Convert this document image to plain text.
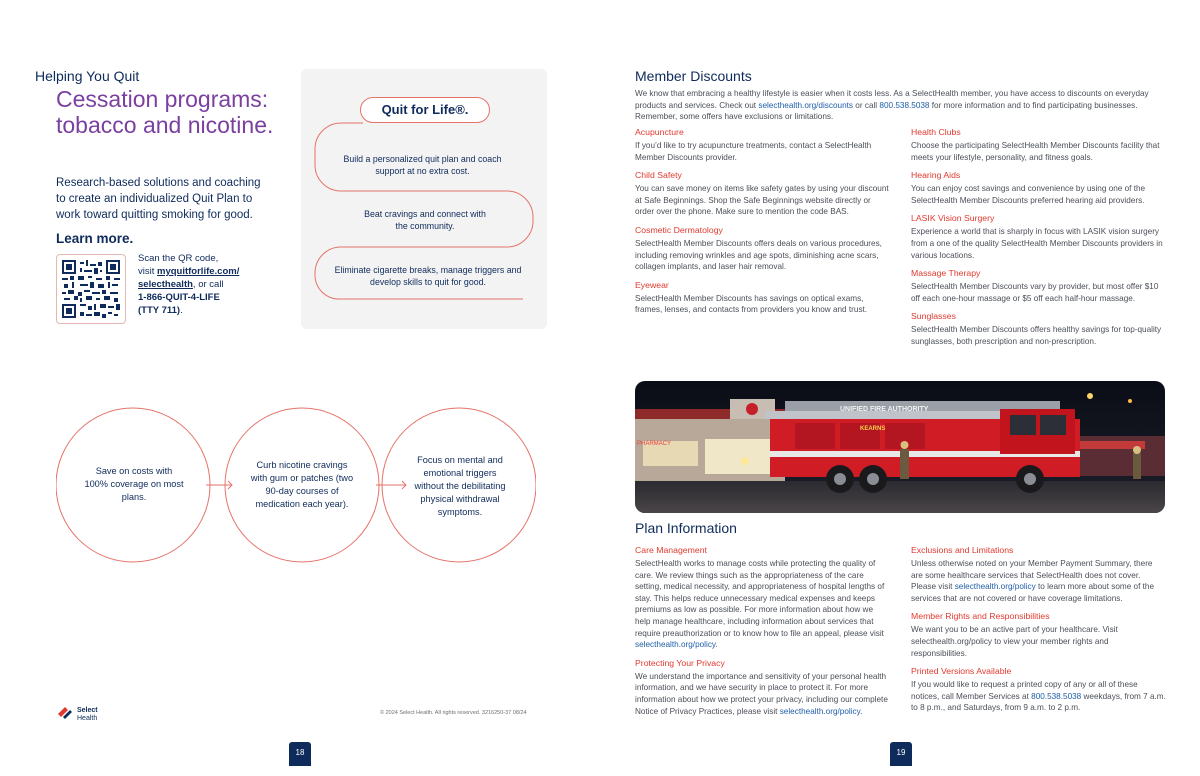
Helping You Quit
Cessation programs: tobacco and nicotine.
Research-based solutions and coaching to create an individualized Quit Plan to work toward quitting smoking for good.
Learn more.
Scan the QR code,
visit myquitforlife.com/
selecthealth, or call
1-866-QUIT-4-LIFE
(TTY 711).
Quit for Life®.
Build a personalized quit plan and coach support at no extra cost.
Beat cravings and connect with the community.
Eliminate cigarette breaks, manage triggers and develop skills to quit for good.
Save on costs with 100% coverage on most plans.
Curb nicotine cravings with gum or patches (two 90-day courses of medication each year).
Focus on mental and emotional triggers without the debilitating physical withdrawal symptoms.
Select
Health
© 2024 Select Health. All rights reserved. 3216250-37 08/24
18
Member Discounts
We know that embracing a healthy lifestyle is easier when it costs less. As a SelectHealth member, you have access to discounts on everyday products and services. Check out selecthealth.org/discounts or call 800.538.5038 for more information and to find participating businesses. Remember, some offers have exclusions or limitations.
Acupuncture
If you’d like to try acupuncture treatments, contact a SelectHealth Member Discounts provider.
Child Safety
You can save money on items like safety gates by using your discount at Safe Beginnings. Shop the Safe Beginnings website directly or order over the phone. Make sure to mention the code BAS.
Cosmetic Dermatology
SelectHealth Member Discounts offers deals on various procedures, including removing wrinkles and age spots, diminishing acne scars, collagen implants, and laser hair removal.
Eyewear
SelectHealth Member Discounts has savings on optical exams, frames, lenses, and contacts from providers you know and trust.
Health Clubs
Choose the participating SelectHealth Member Discounts facility that meets your lifestyle, personality, and fitness goals.
Hearing Aids
You can enjoy cost savings and convenience by using one of the SelectHealth Member Discounts preferred hearing aid providers.
LASIK Vision Surgery
Experience a world that is sharply in focus with LASIK vision surgery from a one of the quality SelectHealth Member Discounts providers in various locations.
Massage Therapy
SelectHealth Member Discounts vary by provider, but most offer $10 off each one-hour massage or $5 off each half-hour massage.
Sunglasses
SelectHealth Member Discounts offers healthy savings for top-quality sunglasses, both prescription and non-prescription.
PHARMACY
UNIFIED FIRE AUTHORITY
KEARNS
Plan Information
Care Management
SelectHealth works to manage costs while protecting the quality of care. We review things such as the appropriateness of the care setting, medical necessity, and appropriateness of hospital lengths of stay. This helps reduce unnecessary medical expenses and keeps premiums as low as possible. For more information about how we help manage healthcare, including information about services that require preauthorization or to know how to file an appeal, please visit selecthealth.org/policy.
Protecting Your Privacy
We understand the importance and sensitivity of your personal health information, and we have security in place to protect it. For more information about how we protect your privacy, including our complete Notice of Privacy Practices, please visit selecthealth.org/policy.
Exclusions and Limitations
Unless otherwise noted on your Member Payment Summary, there are some healthcare services that SelectHealth does not cover. Please visit selecthealth.org/policy to learn more about some of the services that are not covered or have coverage limitations.
Member Rights and Responsibilities
We want you to be an active part of your healthcare. Visit selecthealth.org/policy to view your member rights and responsibilities.
Printed Versions Available
If you would like to request a printed copy of any or all of these notices, call Member Services at 800.538.5038 weekdays, from 7 a.m. to 8 p.m., and Saturdays, from 9 a.m. to 2 p.m.
19
